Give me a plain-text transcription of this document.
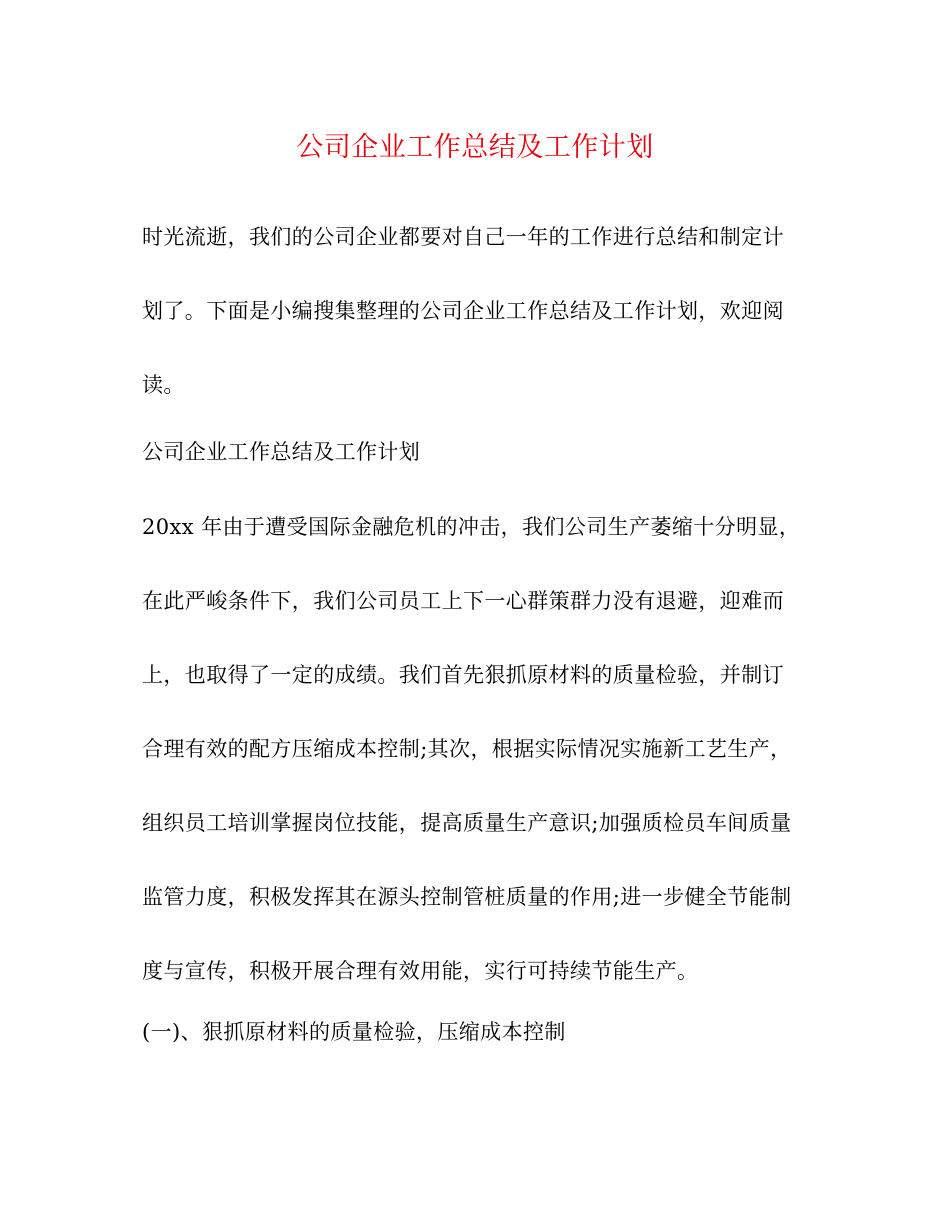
公司企业工作总结及工作计划
时光流逝，我们的公司企业都要对自己一年的工作进行总结和制定计
划了。下面是小编搜集整理的公司企业工作总结及工作计划，欢迎阅
读。
公司企业工作总结及工作计划
20xx 年由于遭受国际金融危机的冲击，我们公司生产萎缩十分明显，
在此严峻条件下，我们公司员工上下一心群策群力没有退避，迎难而
上，也取得了一定的成绩。我们首先狠抓原材料的质量检验，并制订
合理有效的配方压缩成本控制;其次，根据实际情况实施新工艺生产，
组织员工培训掌握岗位技能，提高质量生产意识;加强质检员车间质量
监管力度，积极发挥其在源头控制管桩质量的作用;进一步健全节能制
度与宣传，积极开展合理有效用能，实行可持续节能生产。
(一)、狠抓原材料的质量检验，压缩成本控制
